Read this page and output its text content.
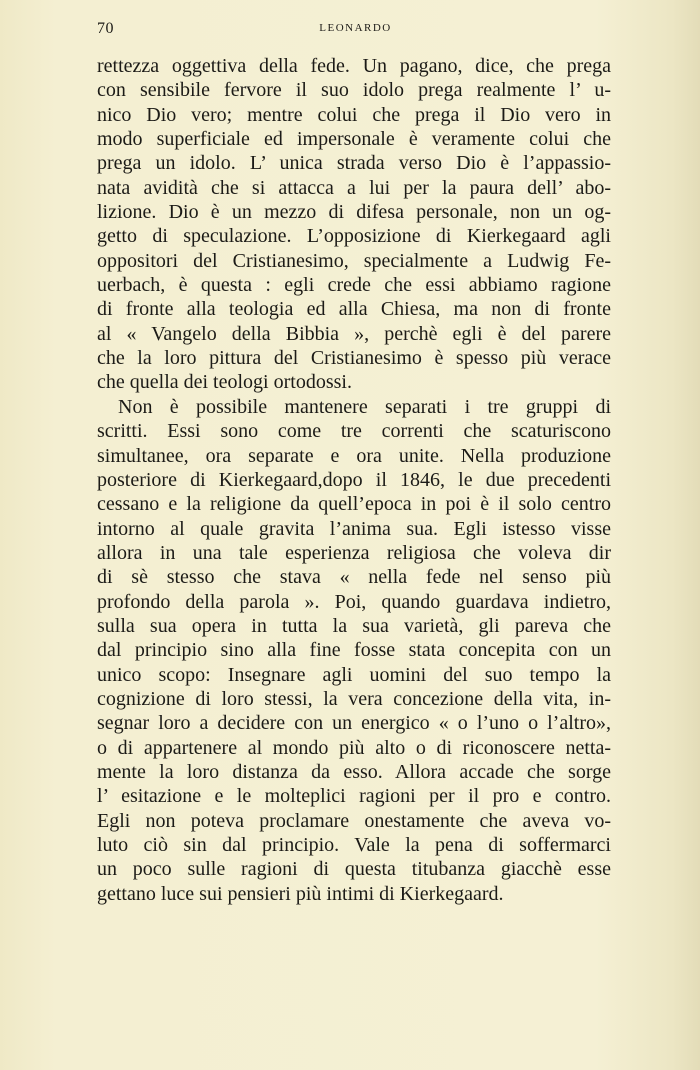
70	LEONARDO
rettezza oggettiva della fede. Un pagano, dice, che prega
con sensibile fervore il suo idolo prega realmente l’ u-
nico Dio vero; mentre colui che prega il Dio vero in
modo superficiale ed impersonale è veramente colui che
prega un idolo. L’ unica strada verso Dio è l’appassio-
nata avidità che si attacca a lui per la paura dell’ abo-
lizione. Dio è un mezzo di difesa personale, non un og-
getto di speculazione. L’opposizione di Kierkegaard agli
oppositori del Cristianesimo, specialmente a Ludwig Fe-
uerbach, è questa : egli crede che essi abbiamo ragione
di fronte alla teologia ed alla Chiesa, ma non di fronte
al « Vangelo della Bibbia », perchè egli è del parere
che la loro pittura del Cristianesimo è spesso più verace
che quella dei teologi ortodossi.
Non è possibile mantenere separati i tre gruppi di
scritti. Essi sono come tre correnti che scaturiscono
simultanee, ora separate e ora unite. Nella produzione
posteriore di Kierkegaard,dopo il 1846, le due precedenti
cessano e la religione da quell’epoca in poi è il solo centro
intorno al quale gravita l’anima sua. Egli istesso visse
allora in una tale esperienza religiosa che voleva dir
di sè stesso che stava « nella fede nel senso più
profondo della parola ». Poi, quando guardava indietro,
sulla sua opera in tutta la sua varietà, gli pareva che
dal principio sino alla fine fosse stata concepita con un
unico scopo: Insegnare agli uomini del suo tempo la
cognizione di loro stessi, la vera concezione della vita, in-
segnar loro a decidere con un energico « o l’uno o l’altro»,
o di appartenere al mondo più alto o di riconoscere netta-
mente la loro distanza da esso. Allora accade che sorge
l’ esitazione e le molteplici ragioni per il pro e contro.
Egli non poteva proclamare onestamente che aveva vo-
luto ciò sin dal principio. Vale la pena di soffermarci
un poco sulle ragioni di questa titubanza giacchè esse
gettano luce sui pensieri più intimi di Kierkegaard.
